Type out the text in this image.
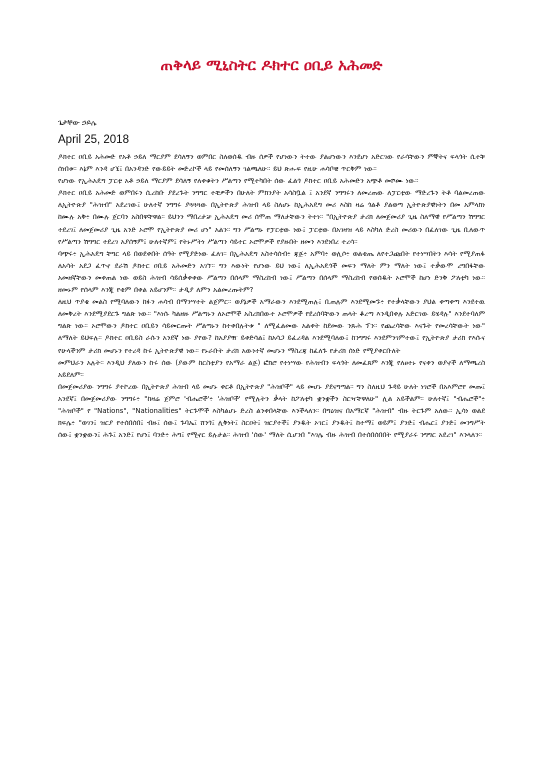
ጠቅላይ ሚኒስትር ዶክተር ዐቢይ አሕመድ
ጌታቸው ኃይሌ
April 25, 2018

ዶክተር ዐቢይ አሕመድ የአቶ ኃይለ ማርያም ደሳለኝን ወምበር ስለወሰዱ ብዙ ሰዎች የሆነውን ትተው ያልሆነውን እንደሆነ አድርገው የራሳቸውን ምኞትና ፍላጎት ሲተቹ ሰነበቱ። እኔም እንዳ ሆኜ፤ በአንዳንድ የውይይት መድረኮች ላይ የመሰለኝን ገልጫለሁ። ይህ ጽሑፍ የዚሁ ሐሳቦቼ ጥርቅም ነው።

የሆነው የኢሕአዴግ ፓርቲ አቶ ኃይለ ማርያም ደሳለኝ የለቀቁትን ሥልጣን የሚተካበት ሰው ፈልጎ ዶክተር ዐቢይ አሕመድን አጭቶ መሾሙ ነው።

ዶክተር ዐቢይ አሕመድ ወምበሩን ሲረከቡ ያደረጉት ንግግር ተቺዎችን በሁለት ምክንያት አሳስቧል ፤ አንደኛ ንግግሩን ለመረጠው ለፓርቲው ማድረጉን ትቶ ባልመረጠው ለኢትዮጵያ "ሕዝብ" አደረገው፤ ሁለተኛ ንግግሩ ያጓጓጓው በኢትዮጵያ ሕዝብ ላይ ስለሆኑ ከኢሕአዴግ መሪ እስከ ዛሬ ጎልቶ ያልወጣ ኢትዮጵያዊነትን በመ አምላክነ ከሙሉ አቅ፥ በሙሉ ጀርባን አስበዋቸዋል። ይህንን ማበረታቻ ኢሕአዴግ መሪ ሰሞጠ ማለታቸውን ትተነ። "በኢትዮጵያ ታሪክ ለመጀመሪያ ጊዜ ስለማዊ የሥልጣን ሽግግር ተደረገ፤ ለመጀመሪያ ጊዜ አንድ ኦሮሞ የኢትዮጵያ መሪ ሆነ" አልን። ግን ሥልጣኑ የፓርቲው ነው፤ ፓርቲው በአገዛዝ ላይ እስካለ ድረስ መሪውን በፈለገው ጊዜ ቢለውጥ የሥልጣን ሽግግር ተደረገ አያሰኝም፤ ሁለተኛም፤ የትኑሥትነ ሥልጣን ሳይተር ኦሮሞዎች የያዙበት ዘመን እንደነበረ ተረሳ።

ባጭሩ፥ ኢሕአዴግ ቸግር ላይ በወደቀበት ሰዓት የሚያድነው ፈለገ። በኢሕአዴግ አስተሳሰብ፥ ጃጅ፥ አምባ፥ ወሊሶ፥ ወልቂጤ ለየተጋጩበት የተነሣበትን እሳት የሚያጠፋ ለአሳት አደጋ ፈጥኖ ደራሽ ዶክተር ዐቢይ አሕመድን አገኘ። ግን እውነት የሆነው ይህ ነው፤ ለኢሕአዴጎች መፍን ማለት ምን ማለት ነው፤ ተቃውሞ ረግበፋቸው አመዘኛቸውን መቀጠል ነው ወይስ ሕዝብ ሳይሰቃቀቀው ሥልጣን በሰላም ማስረከብ ነው፤ ሥልጣን በሰላም ማስረከብ የወሰዱት ኦሮሞች ከሆነ ድንቅ ፖለቲካ ነው። ዘመኑም የሰላም እንጂ የቂም በቀል አይሆንም። ታዲያ ለምን አልመረጡትም?

ለዚህ ጥያቄ መልስ የሚባለውን ከፉን ሐሳብ በማንሣተት ልጀምር። ወያኔዎች አማራውን እንደሚጠሉ፤ ቢጠሉም እንደሚመኙ፥ የተቃላቸውን ያህል ቀጣቀጣ እንደተዉ ለመቅረት እንደሚያደርጉ ግልጽ ነው። "እነሱ ካልዘዙ ሥልጣኑን ለኦሮሞች አስረክበውተ ኦሮሞዎች የደረሰባቸውን ጠላት ቆረጣ እንዲበቀሉ አድርገው ይሄዳሉ" እንደተባለም ግልጽ ነው። ኦሮሞውን ዶክተር ዐቢይን ሳይመርጡት ሥልጣኑን ከተቀበሉትቱ " ለሚፈልመው አልቀት ከደመው ንጹሕ ፕን። የጨረሳቸው እናጉት የመረሳቸውት ነው" ለማለት ይህፍሉ። ዶክተር ዐቢይስ ራሱን አንደኛ ነው ያየው? ከአያያዥ ይቀድሳል፤ ከአሳጋ ይፈረዳል እንደሚባለው፤ ከንግግሩ እንደምንገምተው፤ የኢትዮጵያ ታሪክ የእሱና የሁላችንም ታሪክ መሆኑን የተረዳ ኩሩ ኢትዮጵያዊ ነው። የኑራቡት ታሪክ አውነተኛ መሆኑን ማስረጃ ከፈለጉ የታሪክ ሰነድ የሚያቀርቡለት

መምህራን አሉት። እንዲህ ያለውን ኩሩ ሰው (ያውም ከርስቲያን የአማራ ልጅ) ፎክሮ የተነሣው የሕዝብን ፍላጎት ለመፈጸም እንጂ የለፀተኑ የናቀን ወያኖች ለማጫረስ አይደለም።

በመጀመሪያው ንግግሩ ያተኮረው በኢትዮጵያ ሕዝብ ላይ መሆኑ ቀርቶ በኢትዮጵያ "ሕዝቦች" ላይ መሆኑ ያደናግጣል። ግን ስለዚህ ጉዳይ ሁለት ነገሮች በአእምሮየ መጡ፤ አንደኛ፤ በመጀመሪያው ንግግሩ፥ "ከዛሬ ጀምሮ 'ብሔሮች'፥ 'ሕዝቦች' የሚሉትን ቃላት ከፖለቲካ ቋንቋችን ስርዣቸዋለሁ" ሊል አይችልም። ሁለተኛ፤ "ብሔሮች"፥ "ሕዝቦች" የ "Nations", "Nationalities" ትርጉሞች እስካልሆኑ ድረስ ልንቀበላቸው እንችላለን። በግዕዝና በአማርኛ "ሕዝብ" ብዙ ትርጉም አለው። ኢሳነ ወልደ ክፍሌ፥ "ወገን፤ ዝርያ የተሰበሰበ፤ ብዙ፤ ሰው፤ ጉባኤ፤ ሸንጎ፤ ሊቅነት፤ ስርዐት፤ ዝርያተች፤ ያንዱት ኦገር፤ ያንዱት፤ ከተማ፤ ወይም፤ ያንድ፤ ብሔር፤ ያንድ፤ መንግሥት ሰው፤ ቋንቋውን፤ ሕጉ፤ አንድ፤ የሆነ፤ ባንድ፥ ሕግ፤ የሚኖር ይሉታል። ሕዝብ 'ሰው' ማለት ሲሆንበ "እገሌ ብዙ ሕዝብ በተሰበሰበበት የሚያራሩ ንግግር አደረገ" እንላለን።
